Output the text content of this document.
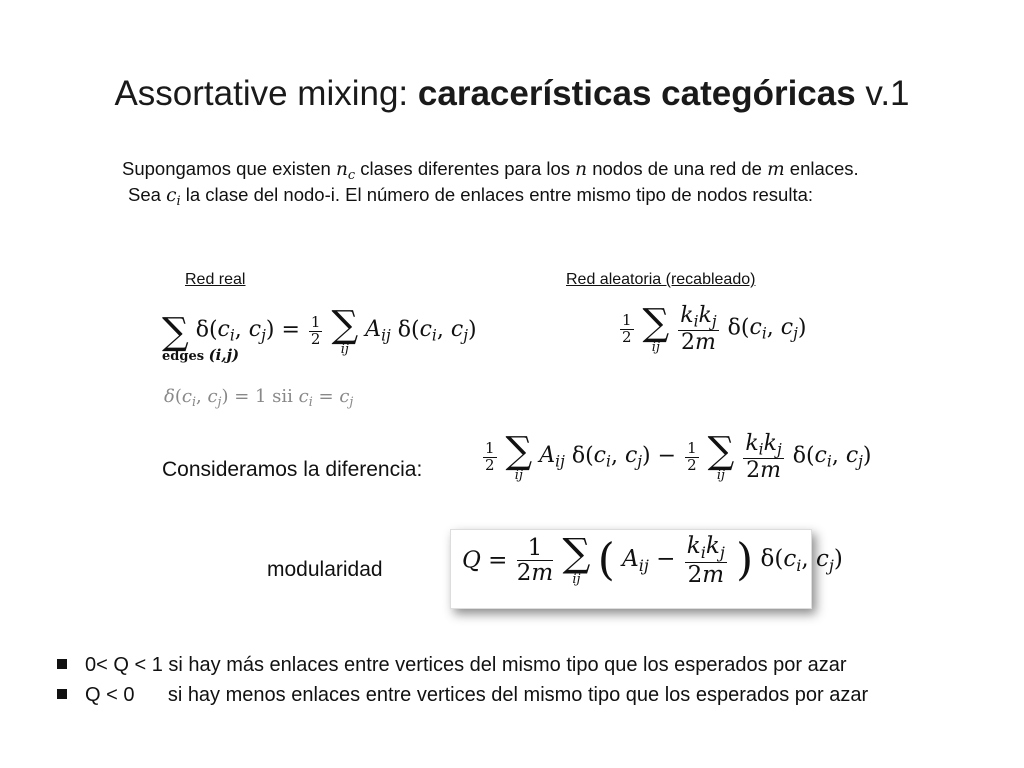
Assortative mixing: caracerísticas categóricas v.1
Supongamos que existen $n_c$ clases diferentes para los n nodos de una red de m enlaces.
Sea $c_i$ la clase del nodo-i. El número de enlaces entre mismo tipo de nodos resulta:
Red real	Red aleatoria (recableado)
∑ $\delta(c_i$, $c_j) = \frac{1}{2}$ ∑
ij
$A_{ij}$ $\delta(c_i$, $c_j$)
edges (i,j)
$\delta(c_i$, $c_j) = 1$ sii $c_i = c_j$
$\frac{1}{2}$ ∑
ij
$\frac{k_ik_j}{2m} \delta(c_i$, $c_j$)
Consideramos la diferencia:	$\frac{1}{2}$ ∑
ij
$A_{ij}$ $\delta(c_i$, $c_j) - \frac{1}{2}$ ∑
ij
$\frac{k_ik_j}{2m} \delta(c_i$, $c_j$)
modularidad	$Q = \frac{1}{2m}$ ∑
ij ( $A_{ij} - \frac{k_ik_j}{2m}$ ) $\delta(c_i$, $c_j$)
0< Q < 1 si hay más enlaces entre vertices del mismo tipo que los esperados por azar
Q < 0      si hay menos enlaces entre vertices del mismo tipo que los esperados por azar
